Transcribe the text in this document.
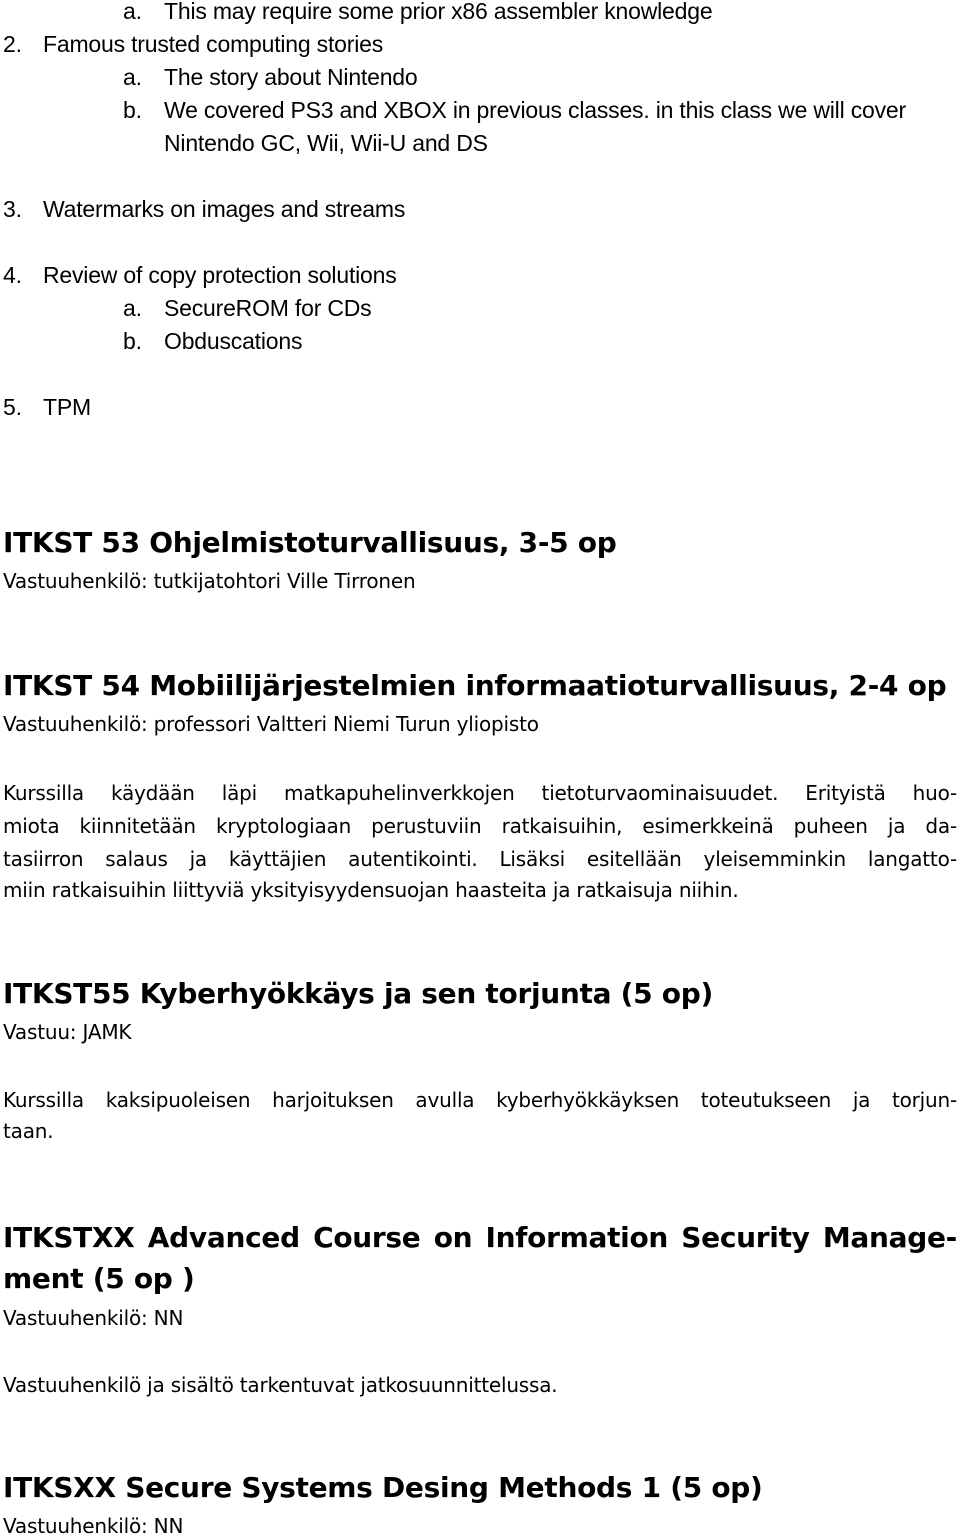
a. This may require some prior x86 assembler knowledge
2. Famous trusted computing stories
a. The story about Nintendo
b. We covered PS3 and XBOX in previous classes. in this class we will cover
Nintendo GC, Wii, Wii-U and DS
3. Watermarks on images and streams
4. Review of copy protection solutions
a. SecureROM for CDs
b. Obduscations
5. TPM
ITKST 53 Ohjelmistoturvallisuus, 3-5 op
Vastuuhenkilö: tutkijatohtori Ville Tirronen
ITKST 54 Mobiilijärjestelmien informaatioturvallisuus, 2-4 op
Vastuuhenkilö: professori Valtteri Niemi Turun yliopisto
Kurssilla käydään läpi matkapuhelinverkkojen tietoturvaominaisuudet. Erityistä huo-
miota kiinnitetään kryptologiaan perustuviin ratkaisuihin, esimerkkeinä puheen ja da-
tasiirron salaus ja käyttäjien autentikointi. Lisäksi esitellään yleisemminkin langatto-
miin ratkaisuihin liittyviä yksityisyydensuojan haasteita ja ratkaisuja niihin.
ITKST55 Kyberhyökkäys ja sen torjunta (5 op)
Vastuu: JAMK
Kurssilla kaksipuoleisen harjoituksen avulla kyberhyökkäyksen toteutukseen ja torjun-
taan.
ITKSTXX Advanced Course on Information Security Manage-
ment (5 op )
Vastuuhenkilö: NN
Vastuuhenkilö ja sisältö tarkentuvat jatkosuunnittelussa.
ITKSXX Secure Systems Desing Methods 1 (5 op)
Vastuuhenkilö: NN
